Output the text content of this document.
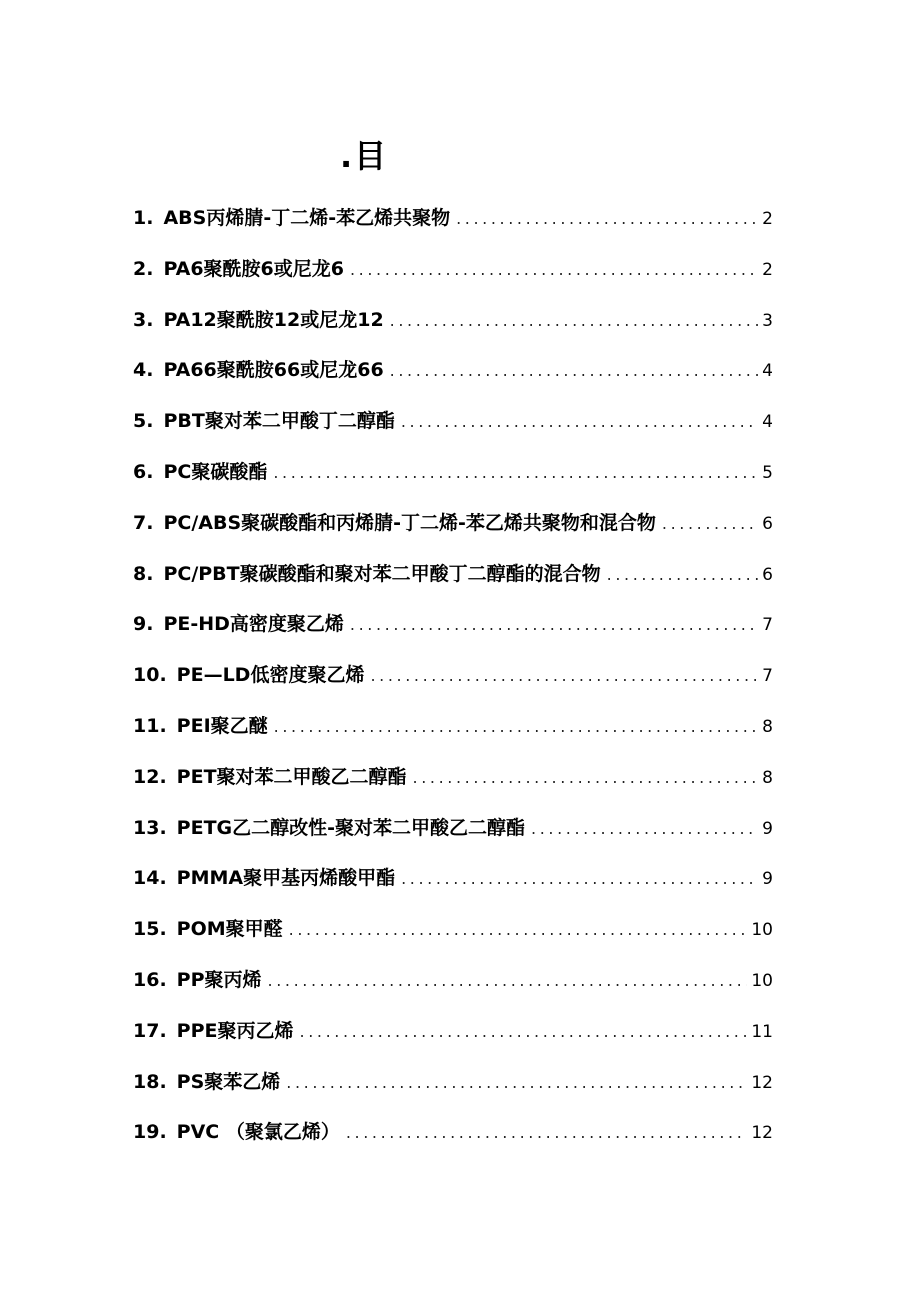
.目
1. ABS丙烯腈-丁二烯-苯乙烯共聚物 .....	2
2. PA6聚酰胺6或尼龙6 .....	2
3. PA12聚酰胺12或尼龙12 .....	3
4. PA66聚酰胺66或尼龙66 .....	4
5. PBT聚对苯二甲酸丁二醇酯 .....	4
6. PC聚碳酸酯 .....	5
7. PC/ABS聚碳酸酯和丙烯腈-丁二烯-苯乙烯共聚物和混合物 .....	6
8. PC/PBT聚碳酸酯和聚对苯二甲酸丁二醇酯的混合物 .....	6
9. PE-HD高密度聚乙烯 .....	7
10. PE—LD低密度聚乙烯 .....	7
11. PEI聚乙醚 .....	8
12. PET聚对苯二甲酸乙二醇酯 .....	8
13. PETG乙二醇改性-聚对苯二甲酸乙二醇酯 .....	9
14. PMMA聚甲基丙烯酸甲酯 .....	9
15. POM聚甲醛 .....	10
16. PP聚丙烯 .....	10
17. PPE聚丙乙烯 .....	11
18. PS聚苯乙烯 .....	12
19. PVC （聚氯乙烯） .....	12
